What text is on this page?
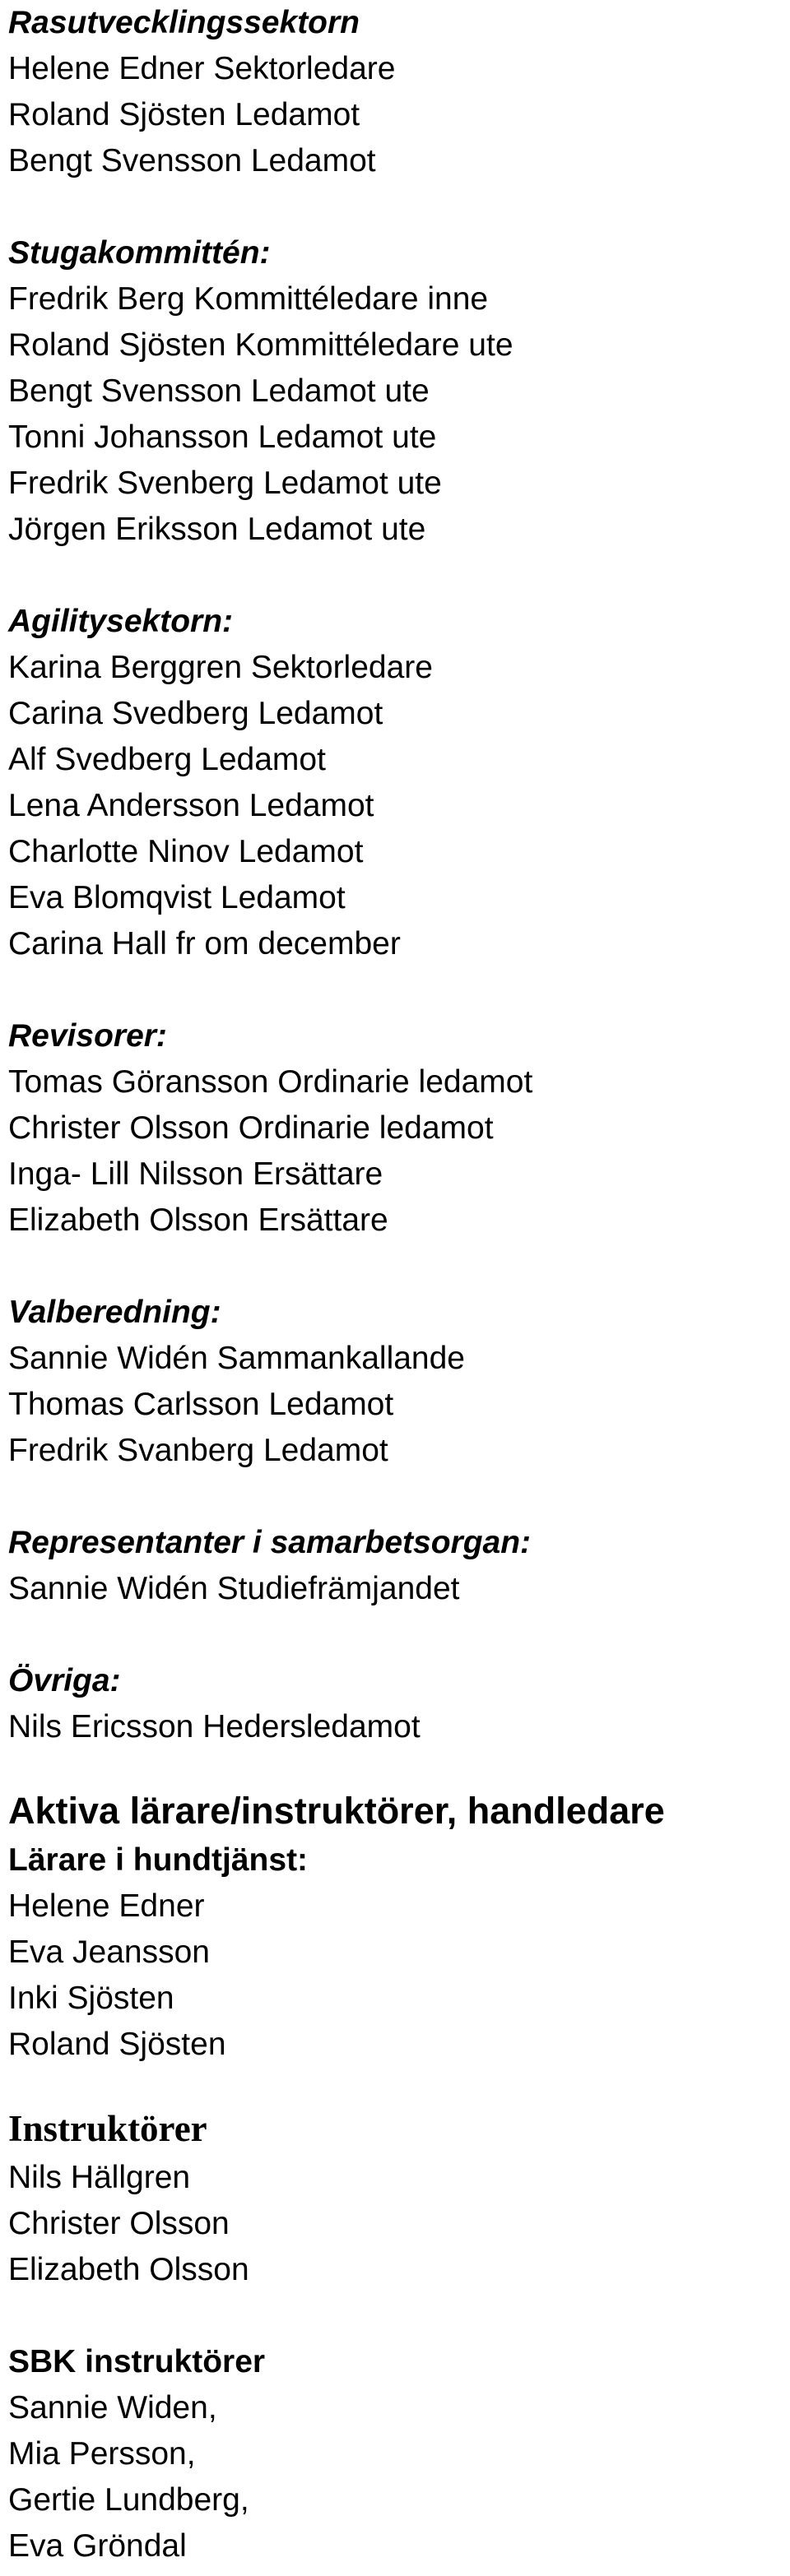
Rasutvecklingssektorn
Helene Edner Sektorledare
Roland Sjösten Ledamot
Bengt Svensson Ledamot
Stugakommittén:
Fredrik Berg Kommittéledare inne
Roland Sjösten Kommittéledare ute
Bengt Svensson Ledamot ute
Tonni Johansson Ledamot ute
Fredrik Svenberg Ledamot ute
Jörgen Eriksson Ledamot ute
Agilitysektorn:
Karina Berggren Sektorledare
Carina Svedberg Ledamot
Alf Svedberg Ledamot
Lena Andersson Ledamot
Charlotte Ninov Ledamot
Eva Blomqvist Ledamot
Carina Hall fr om december
Revisorer:
Tomas Göransson Ordinarie ledamot
Christer Olsson Ordinarie ledamot
Inga- Lill Nilsson Ersättare
Elizabeth Olsson Ersättare
Valberedning:
Sannie Widén Sammankallande
Thomas Carlsson Ledamot
Fredrik Svanberg Ledamot
Representanter i samarbetsorgan:
Sannie Widén Studiefrämjandet
Övriga:
Nils Ericsson Hedersledamot
Aktiva lärare/instruktörer, handledare
Lärare i hundtjänst:
Helene Edner
Eva Jeansson
Inki Sjösten
Roland Sjösten
Instruktörer
Nils Hällgren
Christer Olsson
Elizabeth Olsson
SBK instruktörer
Sannie Widen,
Mia Persson,
Gertie Lundberg,
Eva Gröndal
